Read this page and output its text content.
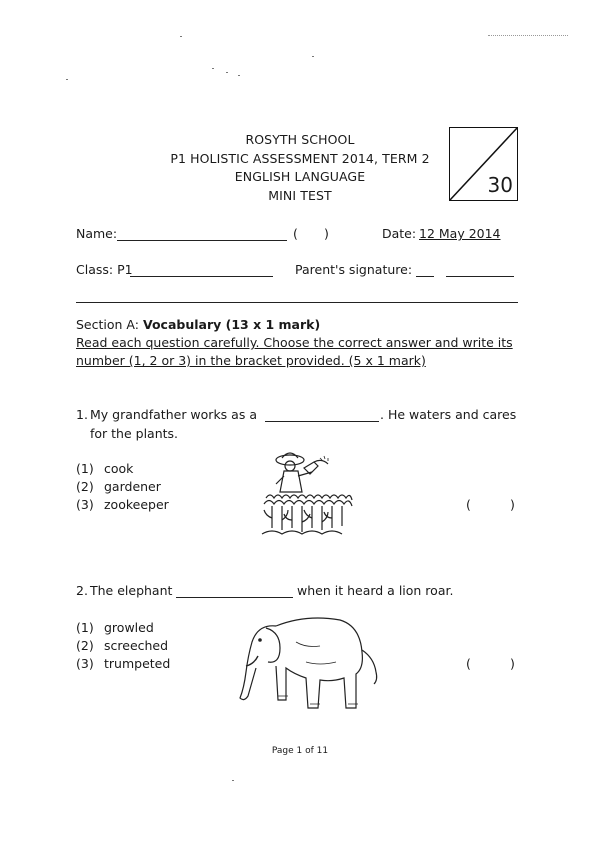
ROSYTH SCHOOL
P1 HOLISTIC ASSESSMENT 2014, TERM 2
ENGLISH LANGUAGE
MINI TEST	30
Name:	( )	Date: 12 May 2014
Class: P1	Parent's signature:
Section A: Vocabulary (13 x 1 mark)
Read each question carefully. Choose the correct answer and write its
number (1, 2 or 3) in the bracket provided. (5 x 1 mark)
1. My grandfather works as a	. He waters and cares
for the plants.
(1) cook
(2) gardener
(3) zookeeper	(	)
2. The elephant	when it heard a lion roar.
(1) growled
(2) screeched
(3) trumpeted	(	)
Page 1 of 11
